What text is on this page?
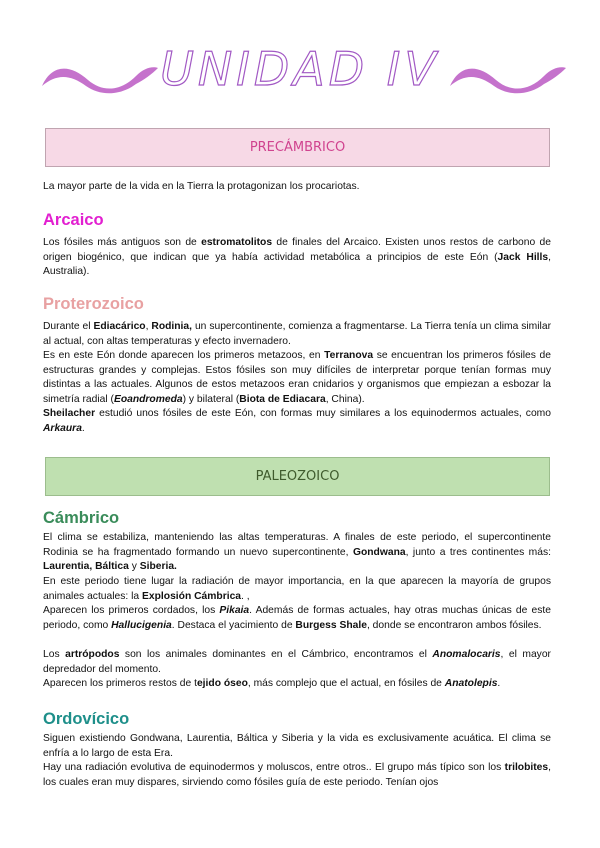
UNIDAD IV
PRECÁMBRICO

La mayor parte de la vida en la Tierra la protagonizan los procariotas.

Arcaico

Los fósiles más antiguos son de estromatolitos de finales del Arcaico. Existen unos restos de carbono de origen biogénico, que indican que ya había actividad metabólica a principios de este Eón (Jack Hills, Australia).

Proterozoico

Durante el Ediacárico, Rodinia, un supercontinente, comienza a fragmentarse. La Tierra tenía un clima similar al actual, con altas temperaturas y efecto invernadero.

Es en este Eón donde aparecen los primeros metazoos, en Terranova se encuentran los primeros fósiles de estructuras grandes y complejas. Estos fósiles son muy difíciles de interpretar porque tenían formas muy distintas a las actuales. Algunos de estos metazoos eran cnidarios y organismos que empiezan a esbozar la simetría radial (Eoandromeda) y bilateral (Biota de Ediacara, China).

Sheilacher estudió unos fósiles de este Eón, con formas muy similares a los equinodermos actuales, como Arkaura.

PALEOZOICO
Cámbrico

El clima se estabiliza, manteniendo las altas temperaturas. A finales de este periodo, el supercontinente Rodinia se ha fragmentado formando un nuevo supercontinente, Gondwana, junto a tres continentes más: Laurentia, Báltica y Siberia.

En este periodo tiene lugar la radiación de mayor importancia, en la que aparecen la mayoría de grupos animales actuales: la Explosión Cámbrica. ,

Aparecen los primeros cordados, los Pikaia. Además de formas actuales, hay otras muchas únicas de este periodo, como Hallucigenia. Destaca el yacimiento de Burgess Shale, donde se encontraron ambos fósiles.

Los artrópodos son los animales dominantes en el Cámbrico, encontramos el Anomalocaris, el mayor depredador del momento.

Aparecen los primeros restos de tejido óseo, más complejo que el actual, en fósiles de Anatolepis.

Ordovícico

Siguen existiendo Gondwana, Laurentia, Báltica y Siberia y la vida es exclusivamente acuática. El clima se enfría a lo largo de esta Era.

Hay una radiación evolutiva de equinodermos y moluscos, entre otros.. El grupo más típico son los trilobites, los cuales eran muy dispares, sirviendo como fósiles guía de este periodo. Tenían ojos
